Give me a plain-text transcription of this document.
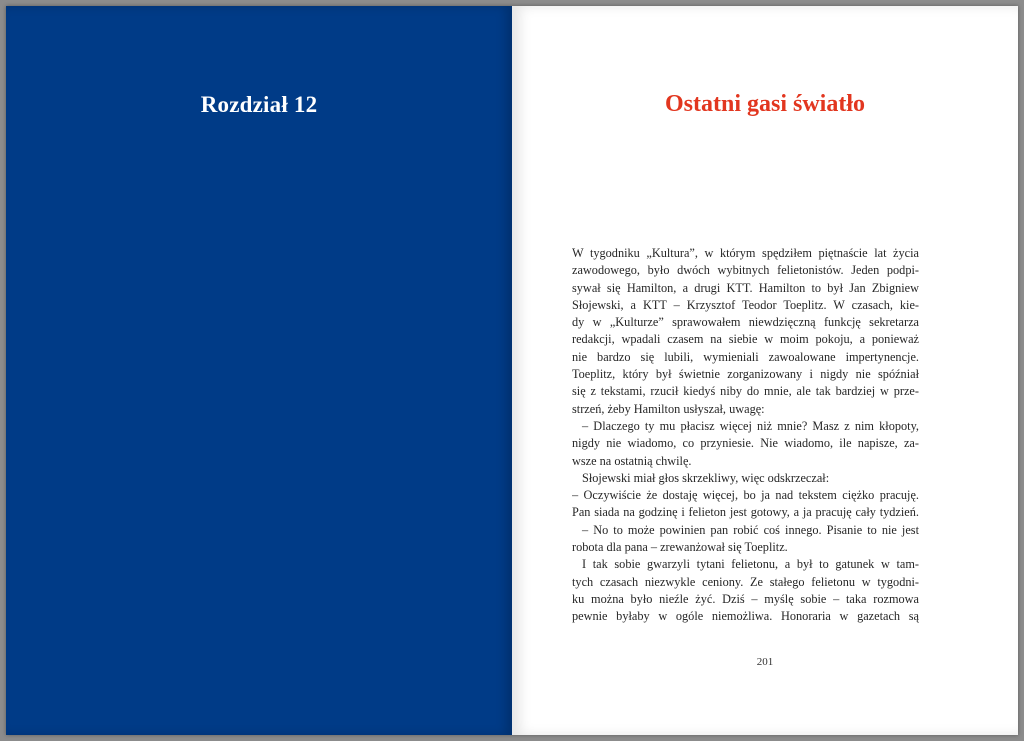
Rozdział 12	Ostatni gasi światło
W tygodniku „Kultura”, w którym spędziłem piętnaście lat życia
zawodowego, było dwóch wybitnych felietonistów. Jeden podpi-
sywał się Hamilton, a drugi KTT. Hamilton to był Jan Zbigniew
Słojewski, a KTT – Krzysztof Teodor Toeplitz. W czasach, kie-
dy w „Kulturze” sprawowałem niewdzięczną funkcję sekretarza
redakcji, wpadali czasem na siebie w moim pokoju, a ponieważ
nie bardzo się lubili, wymieniali zawoalowane impertynencje.
Toeplitz, który był świetnie zorganizowany i nigdy nie spóźniał
się z tekstami, rzucił kiedyś niby do mnie, ale tak bardziej w prze-
strzeń, żeby Hamilton usłyszał, uwagę:
– Dlaczego ty mu płacisz więcej niż mnie? Masz z nim kłopoty,
nigdy nie wiadomo, co przyniesie. Nie wiadomo, ile napisze, za-
wsze na ostatnią chwilę.
Słojewski miał głos skrzekliwy, więc odskrzeczał:
– Oczywiście że dostaję więcej, bo ja nad tekstem ciężko pracuję.
Pan siada na godzinę i felieton jest gotowy, a ja pracuję cały tydzień.
– No to może powinien pan robić coś innego. Pisanie to nie jest
robota dla pana – zrewanżował się Toeplitz.
I tak sobie gwarzyli tytani felietonu, a był to gatunek w tam-
tych czasach niezwykle ceniony. Ze stałego felietonu w tygodni-
ku można było nieźle żyć. Dziś – myślę sobie – taka rozmowa
pewnie byłaby w ogóle niemożliwa. Honoraria w gazetach są
201
